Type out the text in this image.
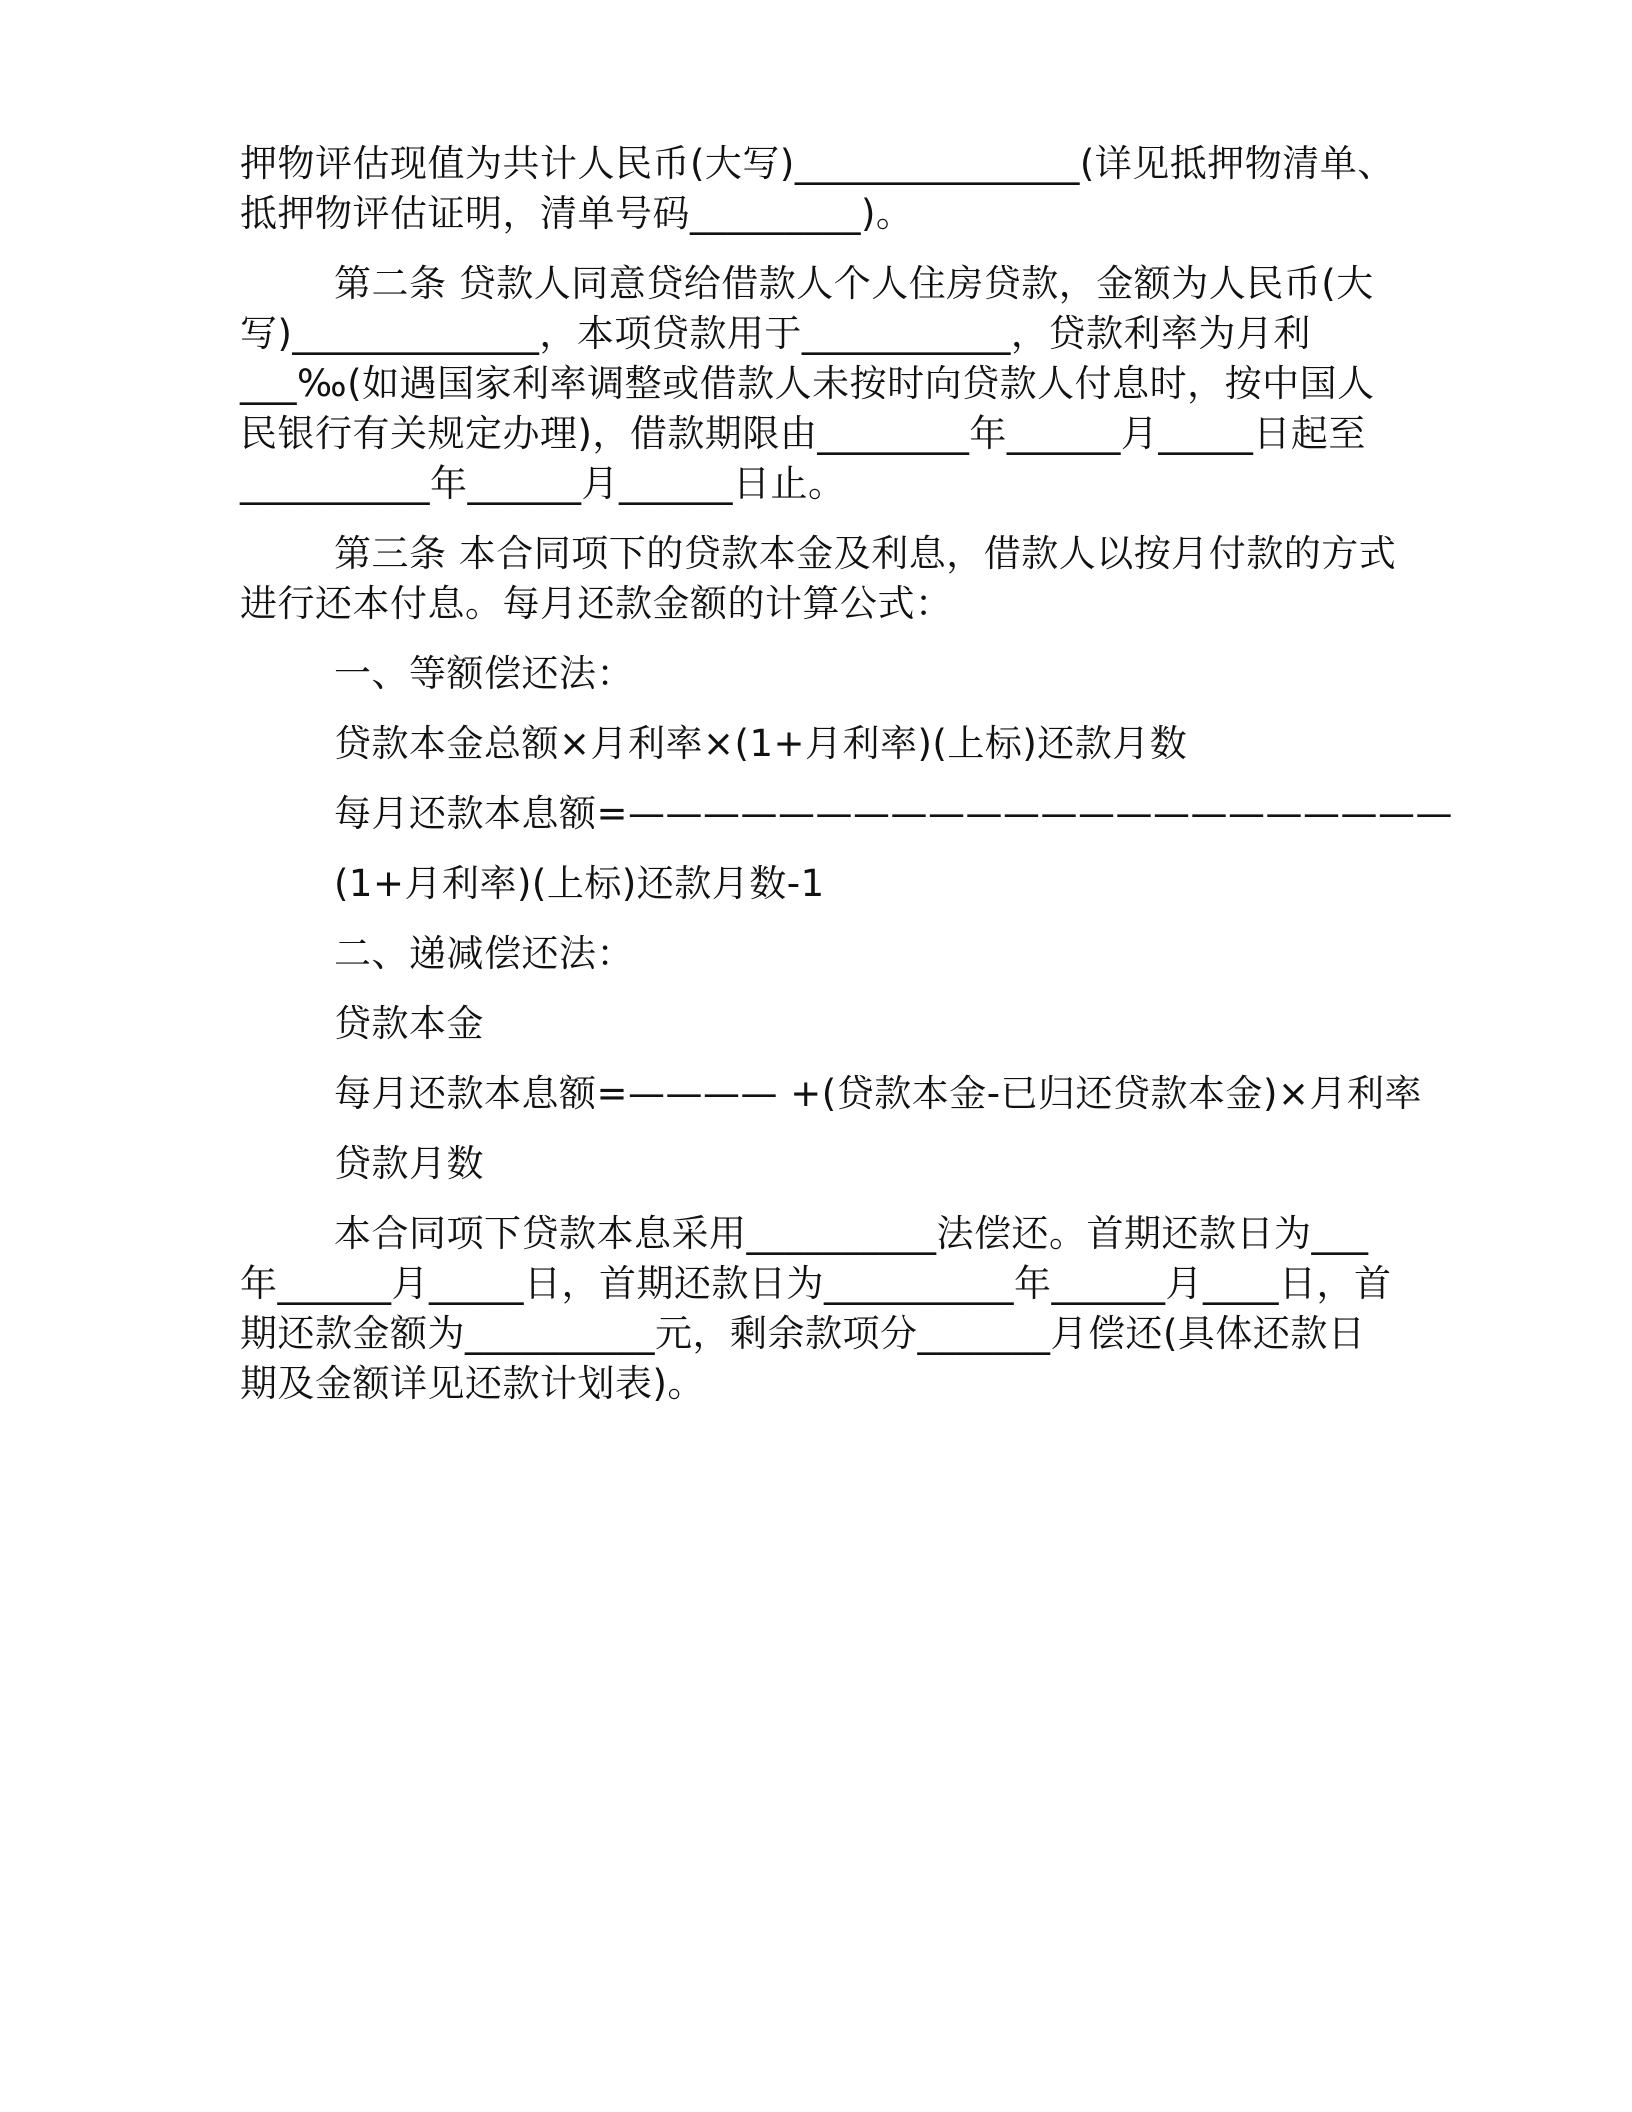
押物评估现值为共计人民币(大写)_______________(详见抵押物清单、
抵押物评估证明，清单号码_________)。
第二条 贷款人同意贷给借款人个人住房贷款，金额为人民币(大
写)_____________，本项贷款用于___________，贷款利率为月利
___‰(如遇国家利率调整或借款人未按时向贷款人付息时，按中国人
民银行有关规定办理)，借款期限由________年______月_____日起至
__________年______月______日止。
第三条 本合同项下的贷款本金及利息，借款人以按月付款的方式
进行还本付息。每月还款金额的计算公式：
一、等额偿还法：
贷款本金总额×月利率×(1+月利率)(上标)还款月数
每月还款本息额=——————————————————————
(1+月利率)(上标)还款月数-1
二、递减偿还法：
贷款本金
每月还款本息额=———— +(贷款本金-已归还贷款本金)×月利率
贷款月数
本合同项下贷款本息采用__________法偿还。首期还款日为___
年______月_____日，首期还款日为__________年______月____日，首
期还款金额为__________元，剩余款项分_______月偿还(具体还款日
期及金额详见还款计划表)。
